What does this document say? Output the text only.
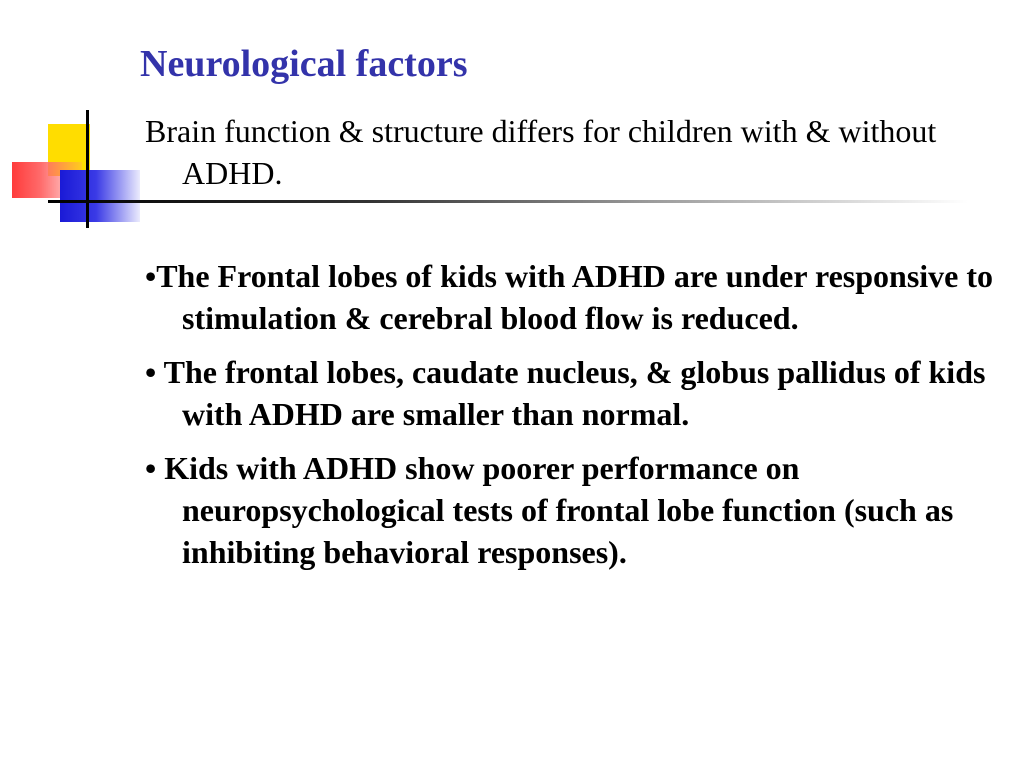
Neurological factors

Brain function & structure differs for children with & without ADHD.

•The Frontal lobes of kids with ADHD are under responsive to stimulation & cerebral blood flow is reduced.
• The frontal lobes, caudate nucleus, & globus pallidus of kids with ADHD are smaller than normal.
• Kids with ADHD show poorer performance on neuropsychological tests of frontal lobe function (such as inhibiting behavioral responses).
